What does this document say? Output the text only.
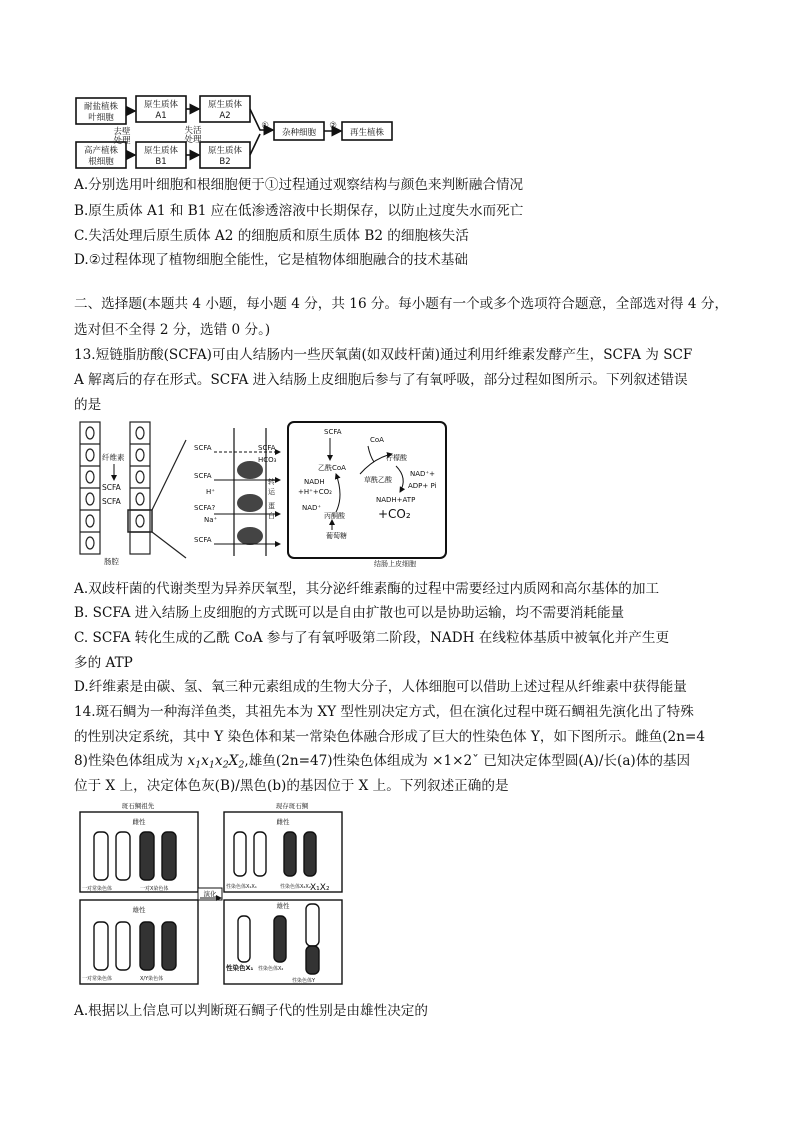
耐盐植株
叶细胞
高产植株
根细胞
去壁
处理
失活
处理
原生质体
A1
原生质体
B1
原生质体
A2
原生质体
B2
①
杂种细胞
②
再生植株
A.分别选用叶细胞和根细胞便于①过程通过观察结构与颜色来判断融合情况
B.原生质体 A1 和 B1 应在低渗透溶液中长期保存，以防止过度失水而死亡
C.失活处理后原生质体 A2 的细胞质和原生质体 B2 的细胞核失活
D.②过程体现了植物细胞全能性，它是植物体细胞融合的技术基础
二、选择题(本题共 4 小题，每小题 4 分，共 16 分。每小题有一个或多个选项符合题意，全部选对得 4 分，
选对但不全得 2 分，选错 0 分。)
13.短链脂肪酸(SCFA)可由人结肠内一些厌氧菌(如双歧杆菌)通过利用纤维素发酵产生，SCFA 为 SCF
A 解离后的存在形式。SCFA 进入结肠上皮细胞后参与了有氧呼吸，部分过程如图所示。下列叙述错误
的是
纤维素
SCFA
SCFA
肠腔
SCFA	SCFA
HCO₃
SCFA
H⁺
SCFA?
Na⁺
SCFA
转
运
蛋
白
SCFA
CoA
乙酰CoA
柠檬酸
草酰乙酸
NADH
+H⁺+CO₂
NAD⁺+
ADP+ Pi
NADH+ATP
NAD⁺
丙酮酸
葡萄糖
结肠上皮细胞
+CO₂
A.双歧杆菌的代谢类型为异养厌氧型，其分泌纤维素酶的过程中需要经过内质网和高尔基体的加工
B. SCFA 进入结肠上皮细胞的方式既可以是自由扩散也可以是协助运输，均不需要消耗能量
C. SCFA 转化生成的乙酰 CoA 参与了有氧呼吸第二阶段，NADH 在线粒体基质中被氧化并产生更
多的 ATP
D.纤维素是由碳、氢、氧三种元素组成的生物大分子，人体细胞可以借助上述过程从纤维素中获得能量
14.斑石鲷为一种海洋鱼类，其祖先本为 XY 型性别决定方式，但在演化过程中斑石鲷祖先演化出了特殊
的性别决定系统，其中 Y 染色体和某一常染色体融合形成了巨大的性染色体 Y，如下图所示。雌鱼(2n=4
8)性染色体组成为 $x_1x_1x_2X_2$,雄鱼(2n=47)性染色体组成为 ×1×2ˇ 已知决定体型圆(A)/长(a)体的基因
位于 X 上，决定体色灰(B)/黑色(b)的基因位于 X 上。下列叙述正确的是
斑石鲷祖先	现存斑石鲷
雌性
雄性
雌性
雄性
演化
一对常染色体	一对X染色体
一对常染色体	X/Y染色体
性染色体X₁X₁	性染色体X₂X₂
性染色体X₂
性染色体Y
性染色X₁
X₁X₂
A.根据以上信息可以判断斑石鲷子代的性别是由雄性决定的
